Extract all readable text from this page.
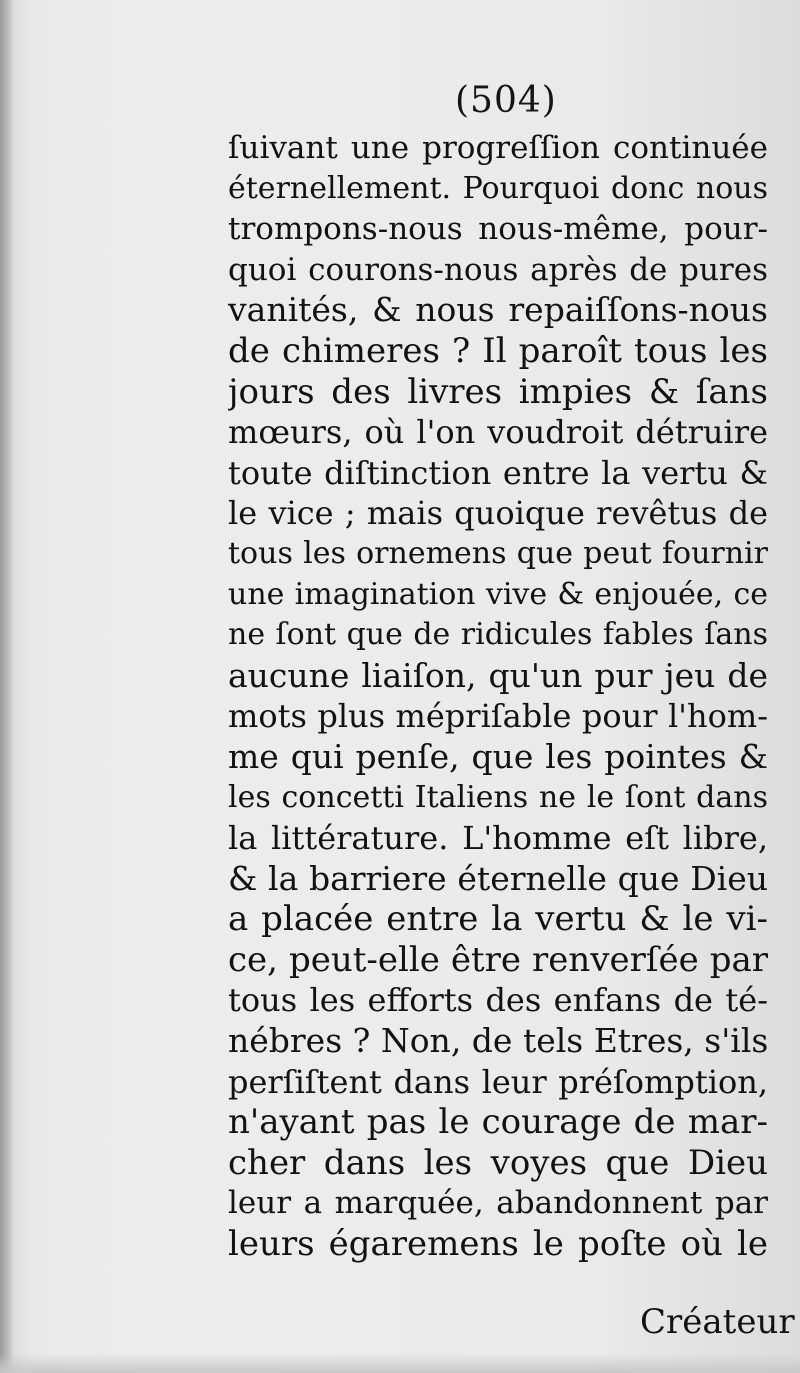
(504)
ſuivant une progreſſion continuée
éternellement. Pourquoi donc nous
trompons-nous nous-même, pour-
quoi courons-nous après de pures
vanités, & nous repaiſſons-nous
de chimeres ? Il paroît tous les
jours des livres impies & ſans
mœurs, où l'on voudroit détruire
toute diſtinction entre la vertu &
le vice ; mais quoique revêtus de
tous les ornemens que peut fournir
une imagination vive & enjouée, ce
ne ſont que de ridicules fables ſans
aucune liaiſon, qu'un pur jeu de
mots plus mépriſable pour l'hom-
me qui penſe, que les pointes &
les concetti Italiens ne le ſont dans
la littérature. L'homme eſt libre,
& la barriere éternelle que Dieu
a placée entre la vertu & le vi-
ce, peut-elle être renverſée par
tous les efforts des enfans de té-
nébres ? Non, de tels Etres, s'ils
perſiſtent dans leur préſomption,
n'ayant pas le courage de mar-
cher dans les voyes que Dieu
leur a marquée, abandonnent par
leurs égaremens le poſte où le
Créateur
